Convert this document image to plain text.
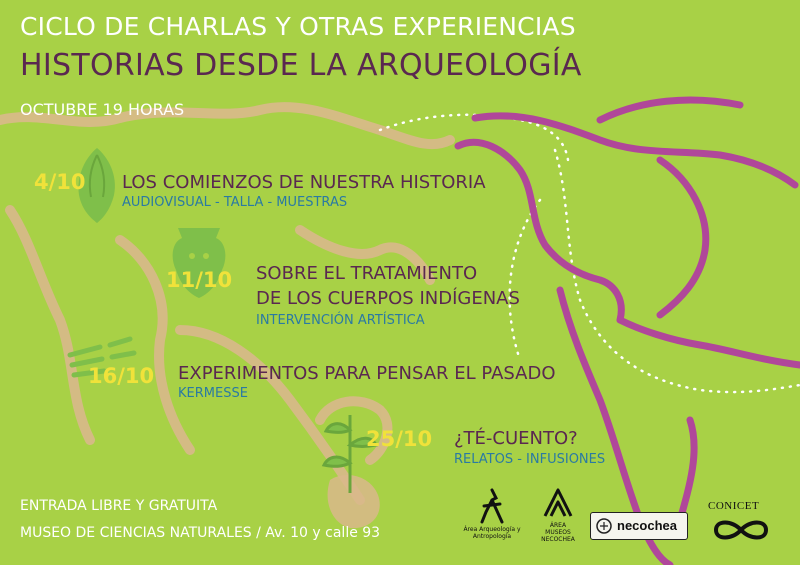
CICLO DE CHARLAS Y OTRAS EXPERIENCIAS
HISTORIAS DESDE LA ARQUEOLOGÍA
OCTUBRE 19 HORAS
4/10 LOS COMIENZOS DE NUESTRA HISTORIA
AUDIOVISUAL - TALLA - MUESTRAS
11/10 SOBRE EL TRATAMIENTO
DE LOS CUERPOS INDÍGENAS
INTERVENCIÓN ARTÍSTICA
16/10 EXPERIMENTOS PARA PENSAR EL PASADO
KERMESSE
25/10 ¿TÉ-CUENTO?
RELATOS - INFUSIONES
ENTRADA LIBRE Y GRATUITA
MUSEO DE CIENCIAS NATURALES / Av. 10 y calle 93	Área Arqueología y Antropología
ÁREA MUSEOS NECOCHEA
necochea
CONICET
